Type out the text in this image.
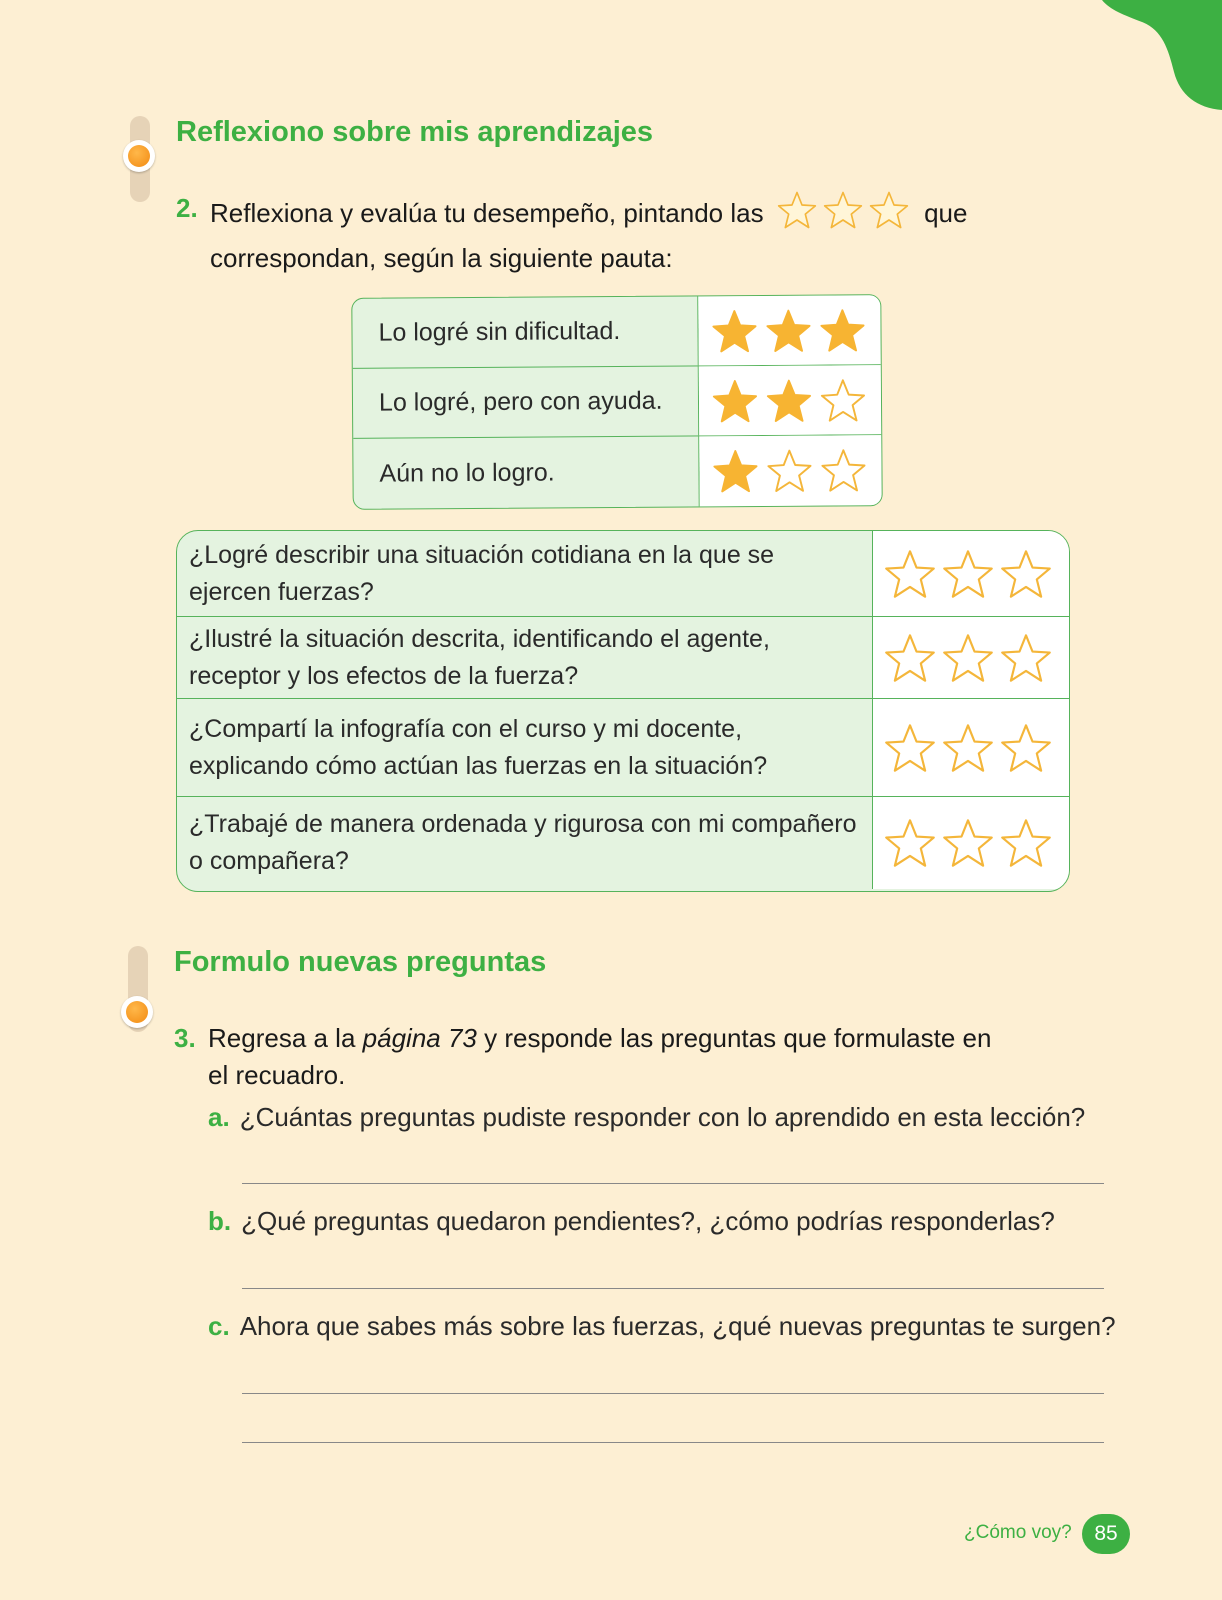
Reflexiono sobre mis aprendizajes
2. Reflexiona y evalúa tu desempeño, pintando las	que
correspondan, según la siguiente pauta:
Lo logré sin dificultad.
Lo logré, pero con ayuda.
Aún no lo logro.
¿Logré describir una situación cotidiana en la que se ejercen fuerzas?
¿Ilustré la situación descrita, identificando el agente, receptor y los efectos de la fuerza?
¿Compartí la infografía con el curso y mi docente, explicando cómo actúan las fuerzas en la situación?
¿Trabajé de manera ordenada y rigurosa con mi compañero o compañera?
Formulo nuevas preguntas
3. Regresa a la página 73 y responde las preguntas que formulaste en
el recuadro.
a. ¿Cuántas preguntas pudiste responder con lo aprendido en esta lección?
b. ¿Qué preguntas quedaron pendientes?, ¿cómo podrías responderlas?
c. Ahora que sabes más sobre las fuerzas, ¿qué nuevas preguntas te surgen?
¿Cómo voy?	85
